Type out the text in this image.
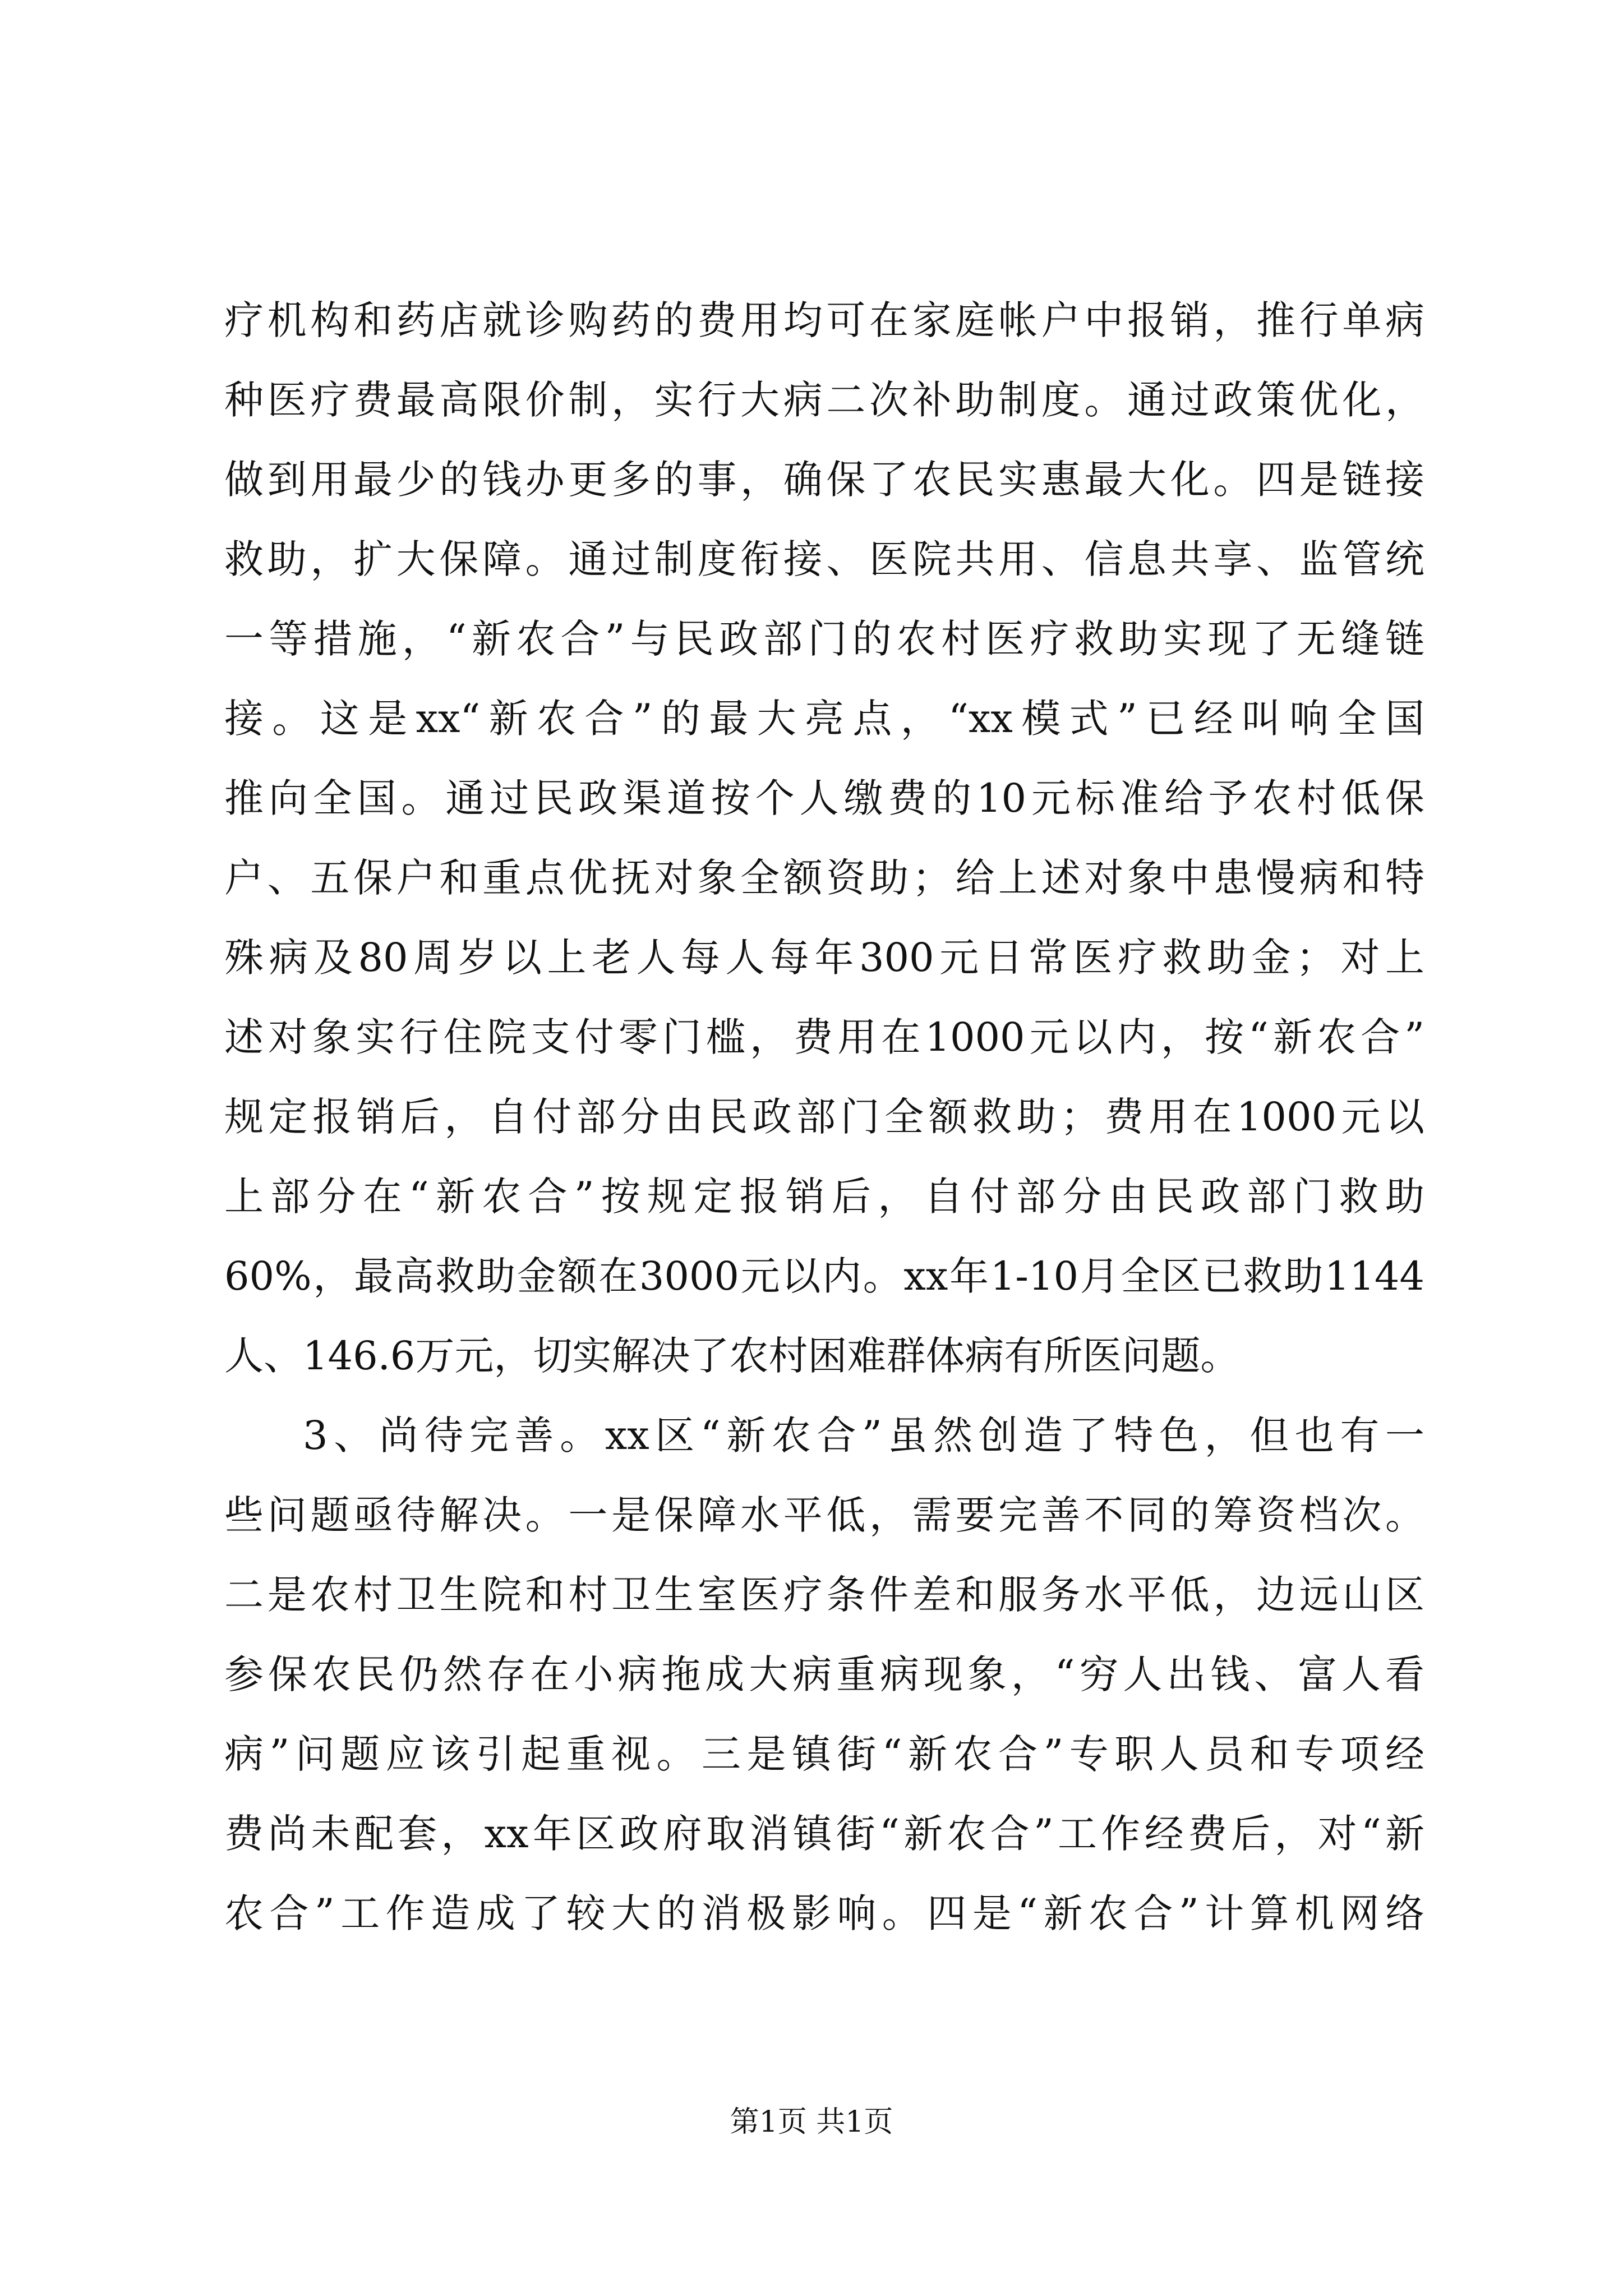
疗机构和药店就诊购药的费用均可在家庭帐户中报销，推行单病
种医疗费最高限价制，实行大病二次补助制度。通过政策优化，
做到用最少的钱办更多的事，确保了农民实惠最大化。四是链接
救助，扩大保障。通过制度衔接、医院共用、信息共享、监管统
一等措施，“新农合”与民政部门的农村医疗救助实现了无缝链
接。这是xx“新农合”的最大亮点，“xx模式”已经叫响全国
推向全国。通过民政渠道按个人缴费的10元标准给予农村低保
户、五保户和重点优抚对象全额资助；给上述对象中患慢病和特
殊病及80周岁以上老人每人每年300元日常医疗救助金；对上
述对象实行住院支付零门槛，费用在1000元以内，按“新农合”
规定报销后，自付部分由民政部门全额救助；费用在1000元以
上部分在“新农合”按规定报销后，自付部分由民政部门救助
60%，最高救助金额在3000元以内。xx年1-10月全区已救助1144
人、146.6万元，切实解决了农村困难群体病有所医问题。
3、尚待完善。xx区“新农合”虽然创造了特色，但也有一
些问题亟待解决。一是保障水平低，需要完善不同的筹资档次。
二是农村卫生院和村卫生室医疗条件差和服务水平低，边远山区
参保农民仍然存在小病拖成大病重病现象，“穷人出钱、富人看
病”问题应该引起重视。三是镇街“新农合”专职人员和专项经
费尚未配套，xx年区政府取消镇街“新农合”工作经费后，对“新
农合”工作造成了较大的消极影响。四是“新农合”计算机网络
第1页 共1页
